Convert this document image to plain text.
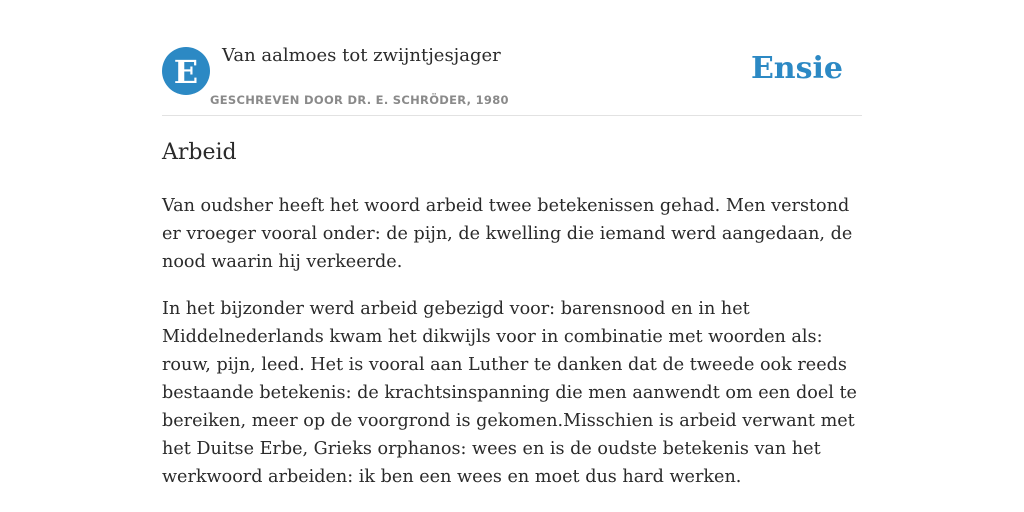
E Van aalmoes tot zwijntjesjager
GESCHREVEN DOOR DR. E. SCHRÖDER, 1980
Ensie
Arbeid

Van oudsher heeft het woord arbeid twee betekenissen gehad. Men verstond er vroeger vooral onder: de pijn, de kwelling die iemand werd aangedaan, de nood waarin hij verkeerde.

In het bijzonder werd arbeid gebezigd voor: barensnood en in het Middelnederlands kwam het dikwijls voor in combinatie met woorden als: rouw, pijn, leed. Het is vooral aan Luther te danken dat de tweede ook reeds bestaande betekenis: de krachtsinspanning die men aanwendt om een doel te bereiken, meer op de voorgrond is gekomen.Misschien is arbeid verwant met het Duitse Erbe, Grieks orphanos: wees en is de oudste betekenis van het werkwoord arbeiden: ik ben een wees en moet dus hard werken.
